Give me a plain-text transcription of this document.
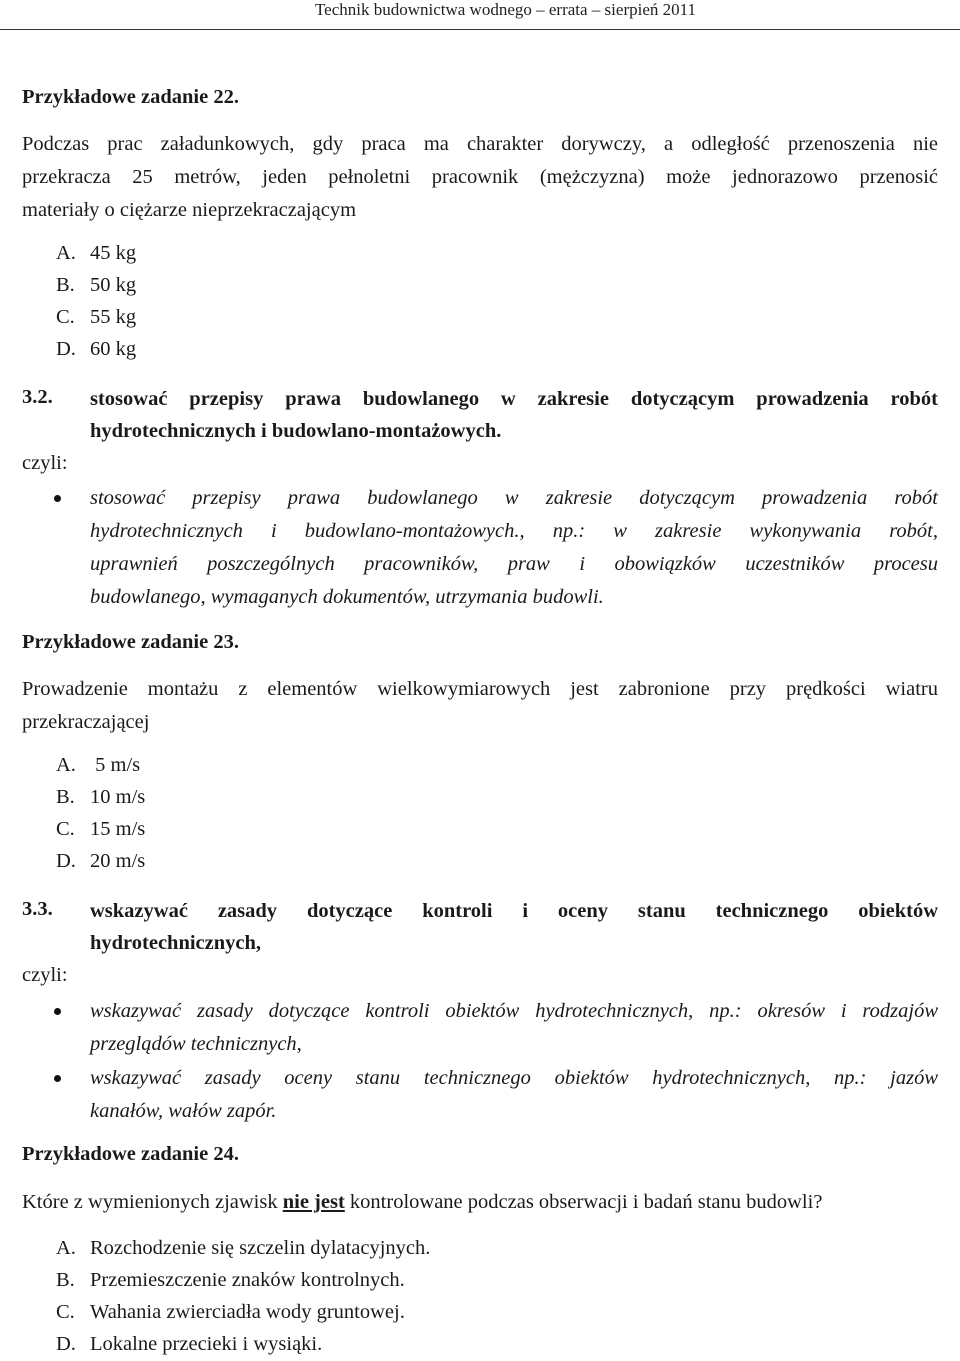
Technik budownictwa wodnego – errata – sierpień 2011
Przykładowe zadanie 22.
Podczas prac załadunkowych, gdy praca ma charakter dorywczy, a odległość przenoszenia nie
przekracza 25 metrów, jeden pełnoletni pracownik (mężczyzna) może jednorazowo przenosić
materiały o ciężarze nieprzekraczającym
A. 45 kg
B. 50 kg
C. 55 kg
D. 60 kg
3.2. stosować przepisy prawa budowlanego w zakresie dotyczącym prowadzenia robót
hydrotechnicznych i budowlano-montażowych.
czyli:
stosować przepisy prawa budowlanego w zakresie dotyczącym prowadzenia robót
hydrotechnicznych i budowlano-montażowych., np.: w zakresie wykonywania robót,
uprawnień poszczególnych pracowników, praw i obowiązków uczestników procesu
budowlanego, wymaganych dokumentów, utrzymania budowli.
Przykładowe zadanie 23.
Prowadzenie montażu z elementów wielkowymiarowych jest zabronione przy prędkości wiatru
przekraczającej
A. 5 m/s
B. 10 m/s
C. 15 m/s
D. 20 m/s
3.3. wskazywać zasady dotyczące kontroli i oceny stanu technicznego obiektów
hydrotechnicznych,
czyli:
wskazywać zasady dotyczące kontroli obiektów hydrotechnicznych, np.: okresów i rodzajów
przeglądów technicznych,
wskazywać zasady oceny stanu technicznego obiektów hydrotechnicznych, np.: jazów
kanałów, wałów zapór.
Przykładowe zadanie 24.
Które z wymienionych zjawisk nie jest kontrolowane podczas obserwacji i badań stanu budowli?
A. Rozchodzenie się szczelin dylatacyjnych.
B. Przemieszczenie znaków kontrolnych.
C. Wahania zwierciadła wody gruntowej.
D. Lokalne przecieki i wysiąki.
